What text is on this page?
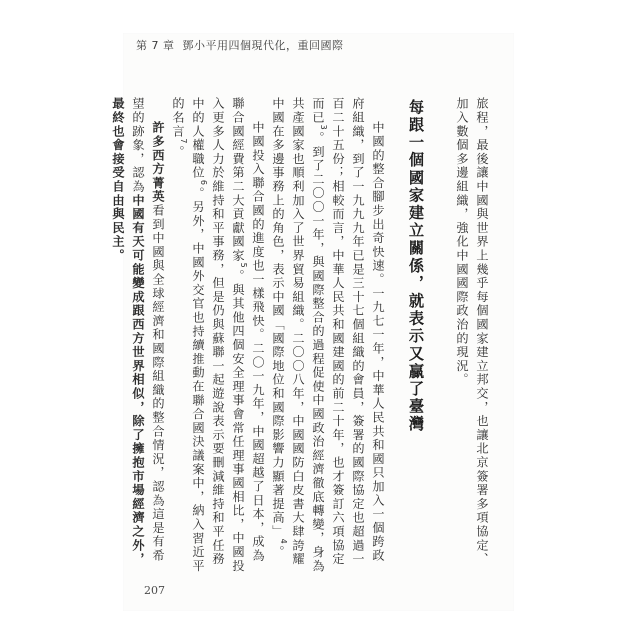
第 7 章 鄧小平用四個現代化，重回國際

旅程，最後讓中國與世界上幾乎每個國家建立邦交，也讓北京簽署多項協定、加入數個多邊組織，強化中國國際政治的現況。

每跟一個國家建立關係，就表示又贏了臺灣

中國的整合腳步出奇快速。一九七一年，中華人民共和國只加入一個跨政府組織，到了一九九九年已是三十七個組織的會員，簽署的國際協定也超過一百二十五份；相較而言，中華人民共和國建國的前二十年，也才簽訂六項協定而已$^3$。到了二〇〇一年，與國際整合的過程促使中國政治經濟徹底轉變，身為共產國家也順利加入了世界貿易組織。二〇〇八年，中國國防白皮書大肆誇耀中國在多邊事務上的角色，表示中國「國際地位和國際影響力顯著提高」$^4$。

中國投入聯合國的進度也一樣飛快。二〇一九年，中國超越了日本，成為聯合國經費第二大貢獻國家$^5$。與其他四個安全理事會常任理事國相比，中國投入更多人力於維持和平事務，但是仍與蘇聯一起遊說表示要刪減維持和平任務中的人權職位$^6$。另外，中國外交官也持續推動在聯合國決議案中，納入習近平的名言$^7$。

許多西方菁英看到中國與全球經濟和國際組織的整合情況，認為這是有希望的跡象，認為中國有天可能變成跟西方世界相似，除了擁抱市場經濟之外，最終也會接受自由與民主。

207
